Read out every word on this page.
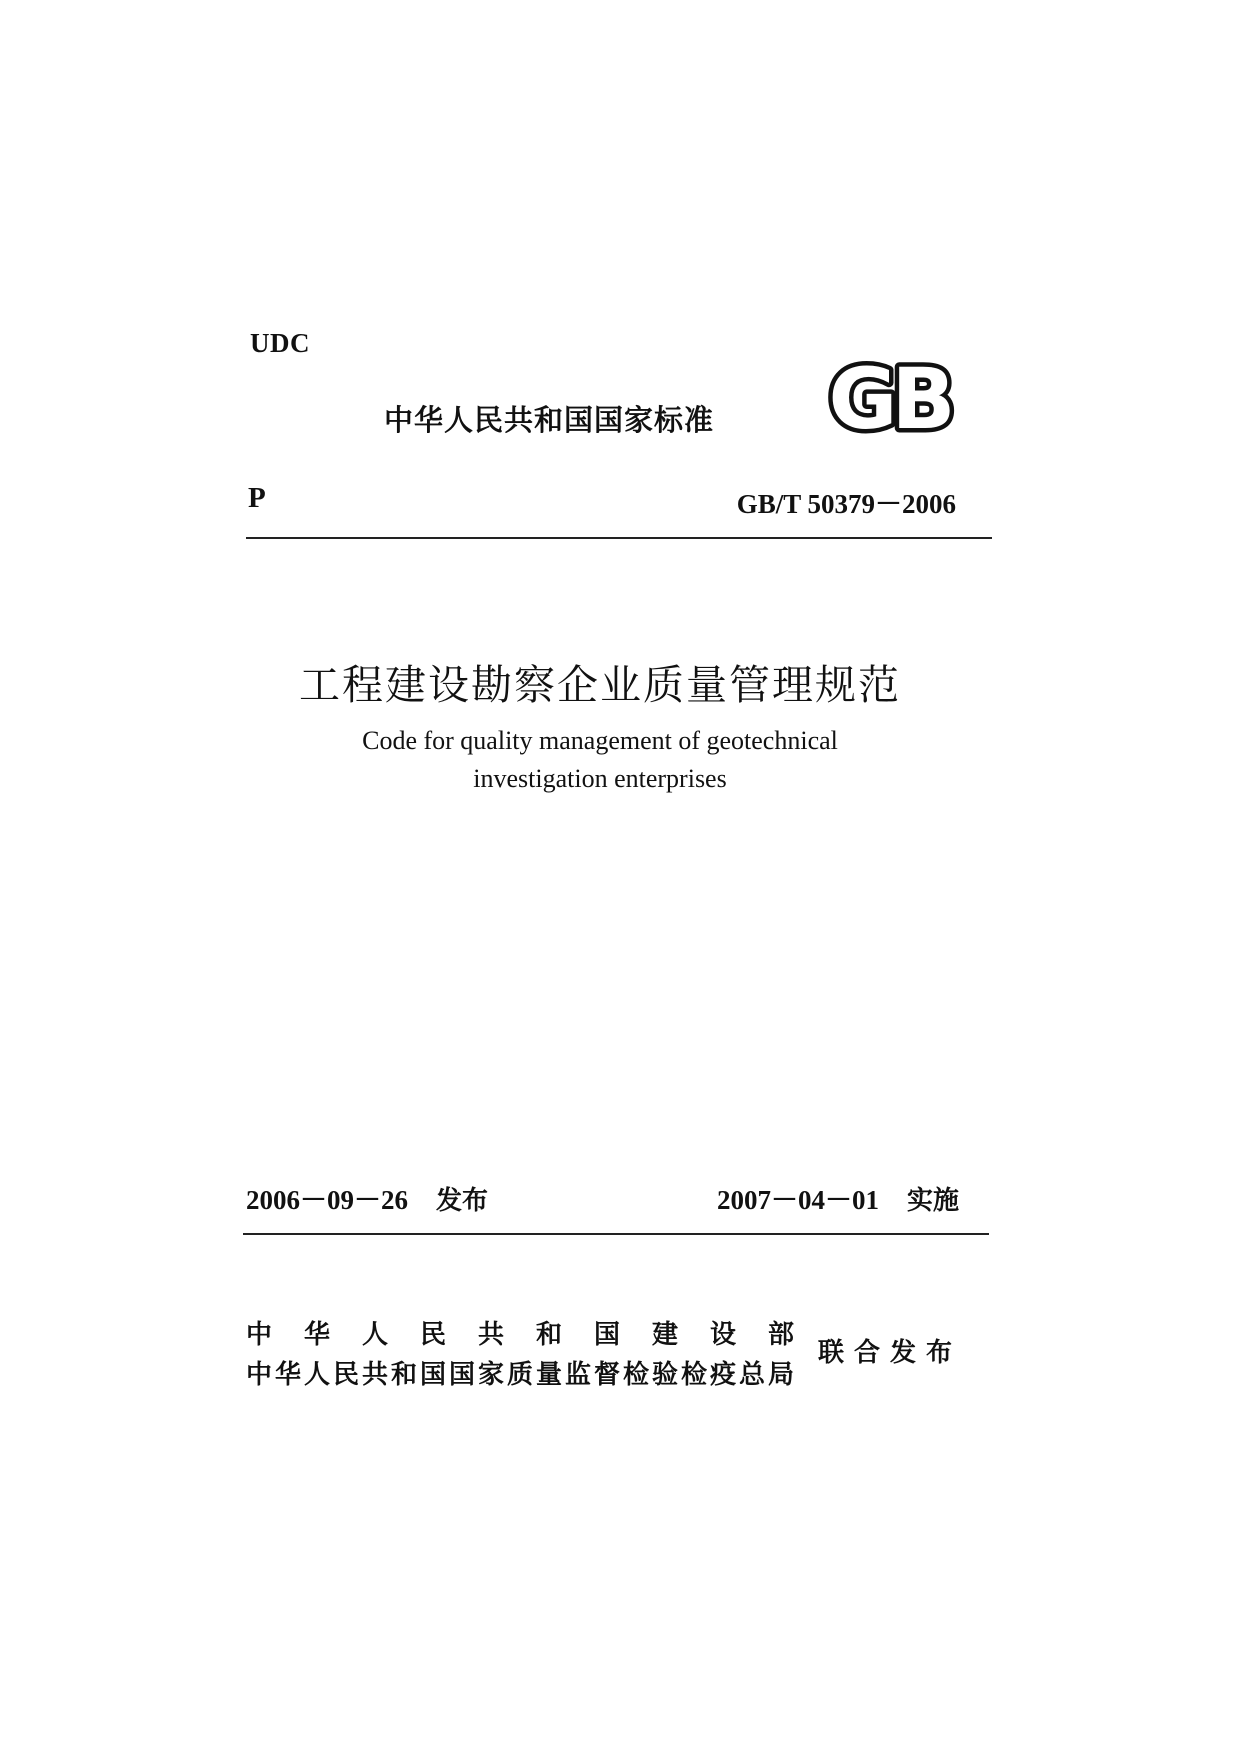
UDC
中华人民共和国国家标准 GB
P	GB/T 50379－2006
工程建设勘察企业质量管理规范
Code for quality management of geotechnical
investigation enterprises
2006－09－26 发布	2007－04－01 实施
中华人民共和国建设部
中华人民共和国国家质量监督检验检疫总局
联合发布
